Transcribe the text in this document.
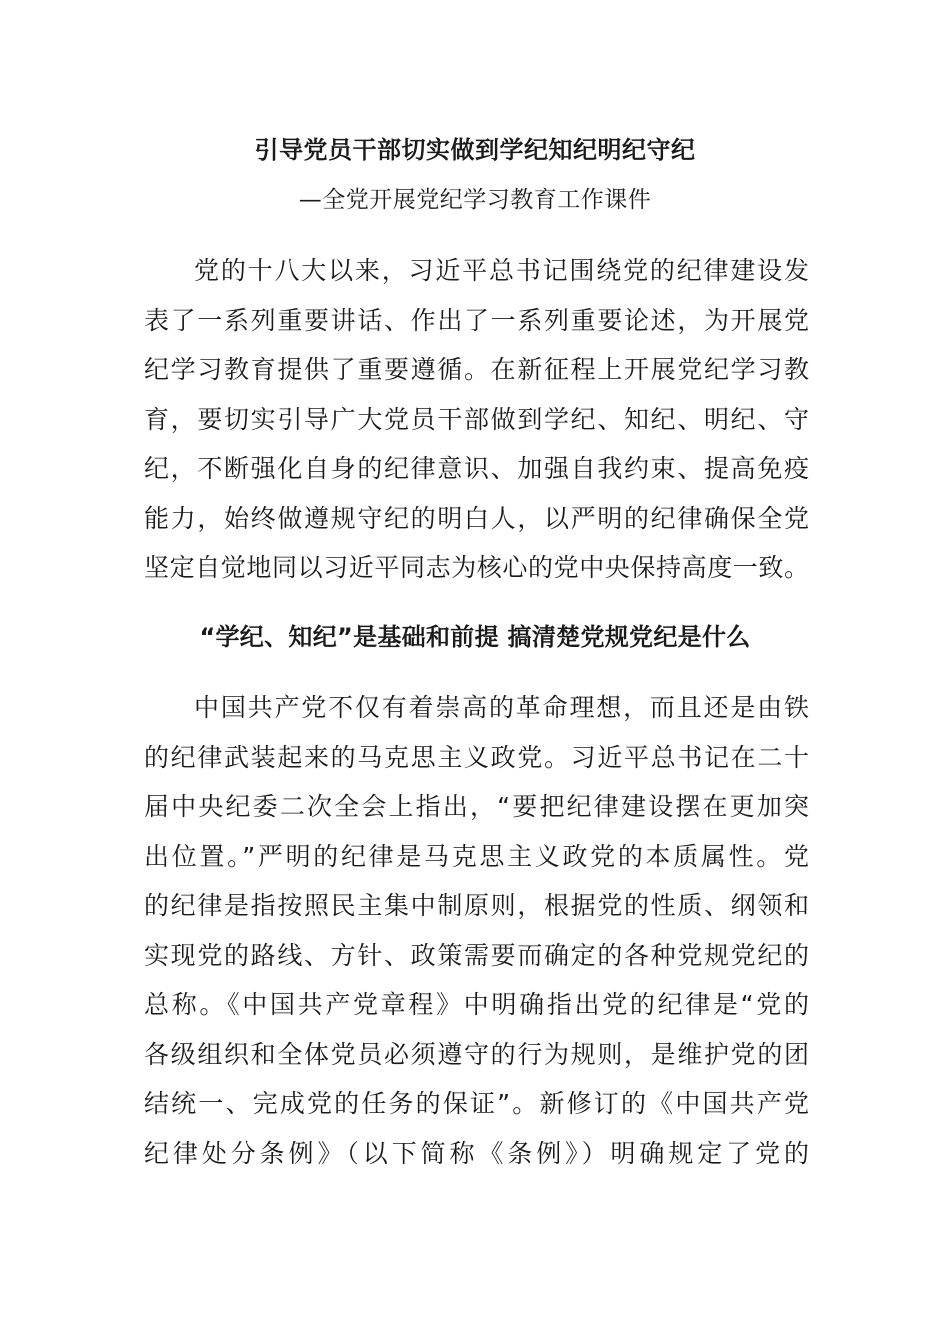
引导党员干部切实做到学纪知纪明纪守纪
—全党开展党纪学习教育工作课件
党的十八大以来，习近平总书记围绕党的纪律建设发
表了一系列重要讲话、作出了一系列重要论述，为开展党
纪学习教育提供了重要遵循。在新征程上开展党纪学习教
育，要切实引导广大党员干部做到学纪、知纪、明纪、守
纪，不断强化自身的纪律意识、加强自我约束、提高免疫
能力，始终做遵规守纪的明白人，以严明的纪律确保全党
坚定自觉地同以习近平同志为核心的党中央保持高度一致。
“学纪、知纪”是基础和前提 搞清楚党规党纪是什么
中国共产党不仅有着崇高的革命理想，而且还是由铁
的纪律武装起来的马克思主义政党。习近平总书记在二十
届中央纪委二次全会上指出，“要把纪律建设摆在更加突
出位置。”严明的纪律是马克思主义政党的本质属性。党
的纪律是指按照民主集中制原则，根据党的性质、纲领和
实现党的路线、方针、政策需要而确定的各种党规党纪的
总称。《中国共产党章程》中明确指出党的纪律是“党的
各级组织和全体党员必须遵守的行为规则，是维护党的团
结统一、完成党的任务的保证”。新修订的《中国共产党
纪律处分条例》（以下简称《条例》）明确规定了党的
